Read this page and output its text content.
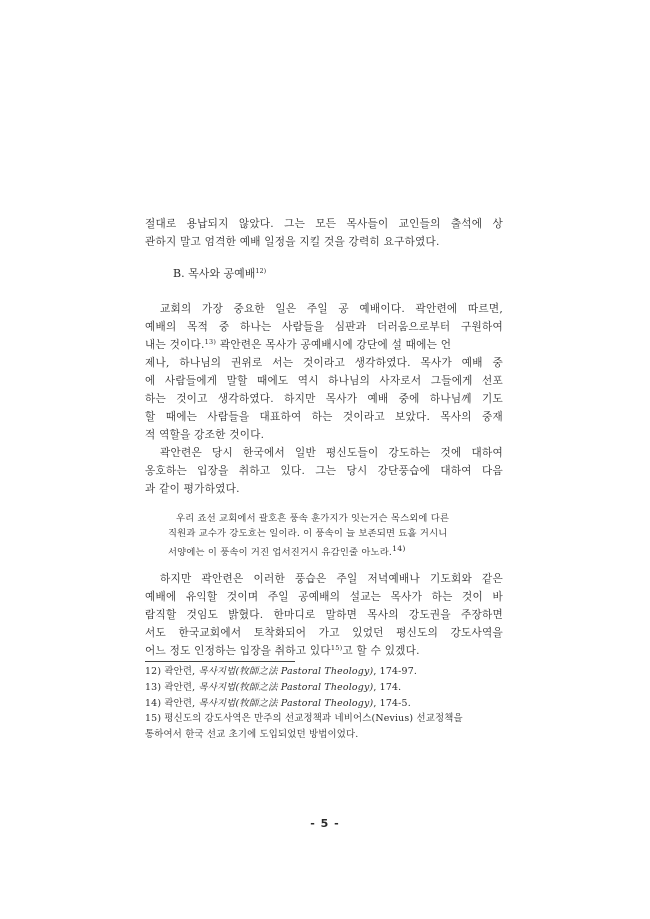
절대로 용납되지 않았다. 그는 모든 목사들이 교인들의 출석에 상
관하지 말고 엄격한 예배 일정을 지킬 것을 강력히 요구하였다.
B. 목사와 공예배$^{12)}$
교회의 가장 중요한 일은 주일 공 예배이다. 곽안련에 따르면,
예배의 목적 중 하나는 사람들을 심판과 더러움으로부터 구원하여
내는 것이다.$^{13)}$ 곽안련은 목사가 공예배시에 강단에 설 때에는 언
제나, 하나님의 권위로 서는 것이라고 생각하였다. 목사가 예배 중
에 사람들에게 말할 때에도 역시 하나님의 사자로서 그들에게 선포
하는 것이고 생각하였다. 하지만 목사가 예배 중에 하나님께 기도
할 때에는 사람들을 대표하여 하는 것이라고 보았다. 목사의 중재
적 역할을 강조한 것이다.
곽안련은 당시 한국에서 일반 평신도들이 강도하는 것에 대하여
옹호하는 입장을 취하고 있다. 그는 당시 강단풍습에 대하여 다음
과 같이 평가하였다.
우리 죠선 교회에서 괄호흔 풍속 훈가지가 잇는거슨 목스외에 다른
직원과 교수가 강도흐는 일이라. 이 풍속이 늘 보존되면 됴흘 거시니
서양에는 이 풍속이 거진 업서진거시 유감인줄 아노라.$^{14)}$
하지만 곽안련은 이러한 풍습은 주일 저녁예배나 기도회와 같은
예배에 유익할 것이며 주일 공예배의 설교는 목사가 하는 것이 바
람직할 것임도 밝혔다. 한마디로 말하면 목사의 강도권을 주장하면
서도 한국교회에서 토착화되어 가고 있었던 평신도의 강도사역을
어느 정도 인정하는 입장을 취하고 있다$^{15)}$고 할 수 있겠다.
12) 곽안련, 목사지법(牧師之法 Pastoral Theology), 174-97.
13) 곽안련, 목사지법(牧師之法 Pastoral Theology), 174.
14) 곽안련, 목사지법(牧師之法 Pastoral Theology), 174-5.
15) 평신도의 강도사역은 만주의 선교정책과 네비어스(Nevius) 선교정책을
통하여서 한국 선교 초기에 도입되었던 방법이었다.
- 5 -
